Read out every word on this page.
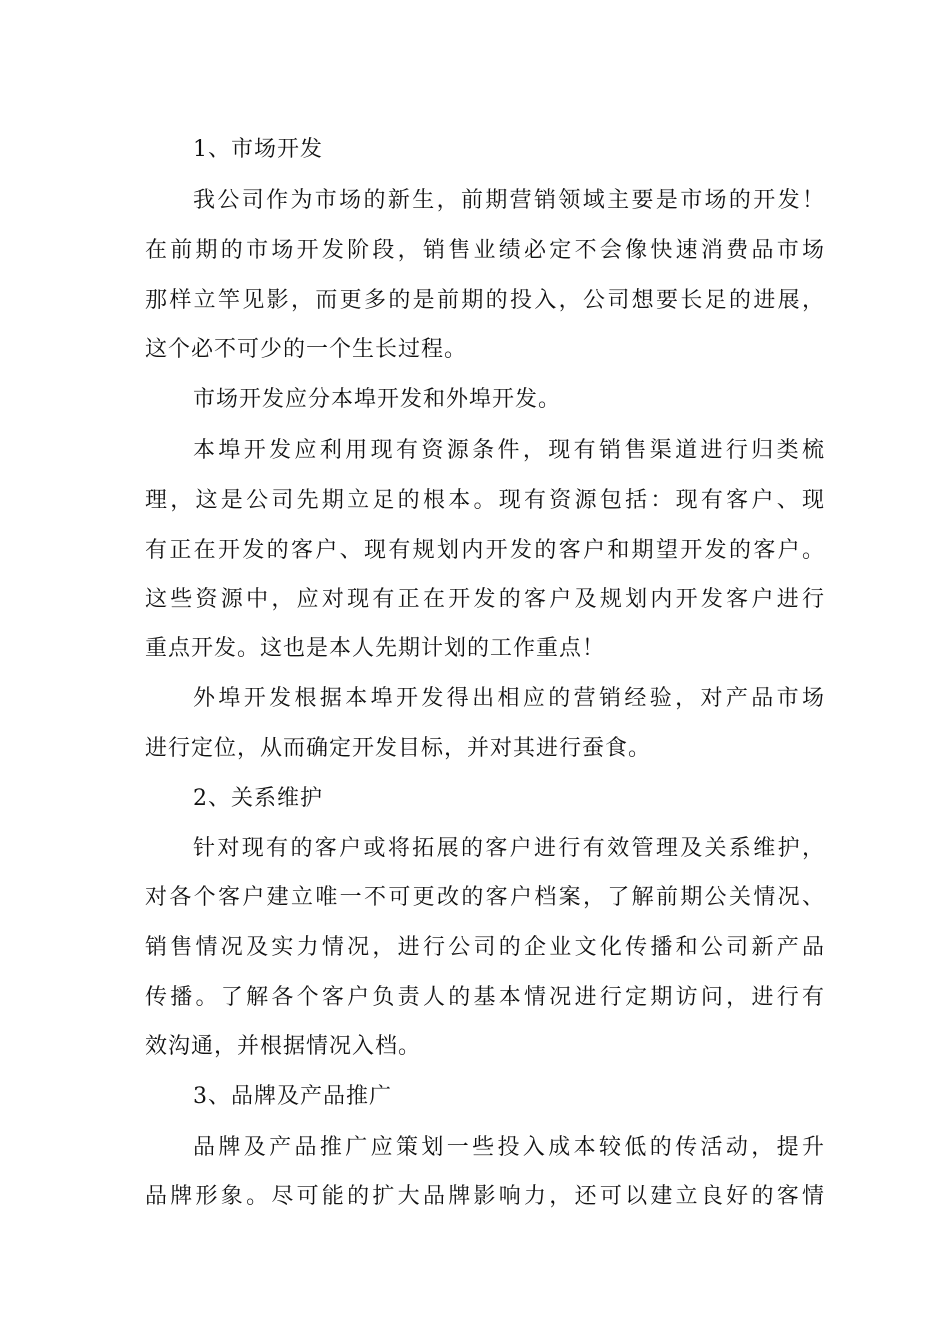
1、市场开发
我公司作为市场的新生，前期营销领域主要是市场的开发！
在前期的市场开发阶段，销售业绩必定不会像快速消费品市场
那样立竿见影，而更多的是前期的投入，公司想要长足的进展，
这个必不可少的一个生长过程。
市场开发应分本埠开发和外埠开发。
本埠开发应利用现有资源条件，现有销售渠道进行归类梳
理，这是公司先期立足的根本。现有资源包括：现有客户、现
有正在开发的客户、现有规划内开发的客户和期望开发的客户。
这些资源中，应对现有正在开发的客户及规划内开发客户进行
重点开发。这也是本人先期计划的工作重点！
外埠开发根据本埠开发得出相应的营销经验，对产品市场
进行定位，从而确定开发目标，并对其进行蚕食。
2、关系维护
针对现有的客户或将拓展的客户进行有效管理及关系维护，
对各个客户建立唯一不可更改的客户档案，了解前期公关情况、
销售情况及实力情况，进行公司的企业文化传播和公司新产品
传播。了解各个客户负责人的基本情况进行定期访问，进行有
效沟通，并根据情况入档。
3、品牌及产品推广
品牌及产品推广应策划一些投入成本较低的传活动，提升
品牌形象。尽可能的扩大品牌影响力，还可以建立良好的客情
